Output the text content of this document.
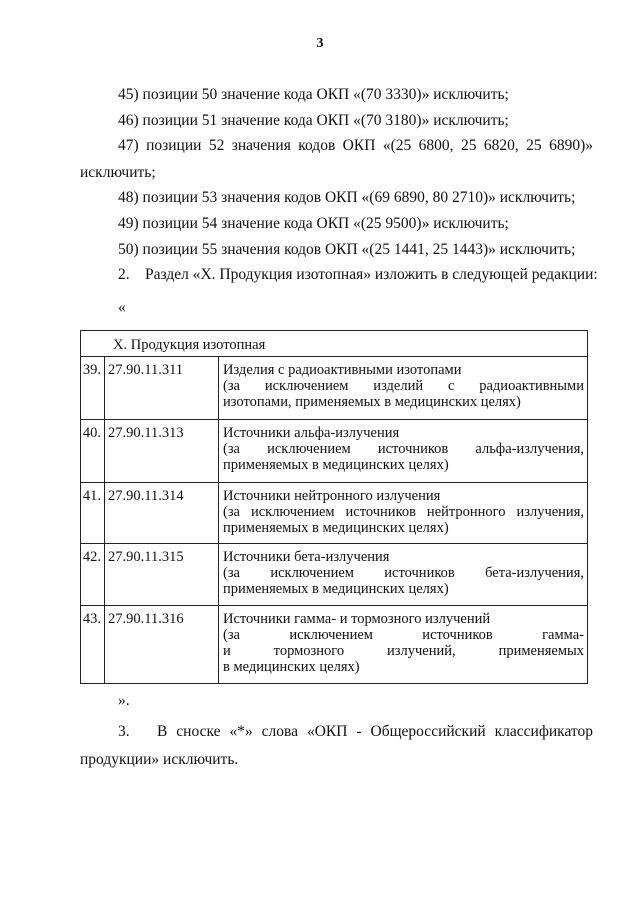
3
45) позиции 50 значение кода ОКП «(70 3330)» исключить;
46) позиции 51 значение кода ОКП «(70 3180)» исключить;
47) позиции 52 значения кодов ОКП «(25 6800, 25 6820, 25 6890)»
исключить;
48) позиции 53 значения кодов ОКП «(69 6890, 80 2710)» исключить;
49) позиции 54 значение кода ОКП «(25 9500)» исключить;
50) позиции 55 значения кодов ОКП «(25 1441, 25 1443)» исключить;
2. Раздел «X. Продукция изотопная» изложить в следующей редакции:
«
X. Продукция изотопная		
39.	27.90.11.311	Изделия с радиоактивными изотопами
(за исключением изделий с радиоактивными
изотопами, применяемых в медицинских целях)

40.	27.90.11.313	Источники альфа-излучения
(за исключением источников альфа-излучения,
применяемых в медицинских целях)

41.	27.90.11.314	Источники нейтронного излучения
(за исключением источников нейтронного излучения,
применяемых в медицинских целях)

42.	27.90.11.315	Источники бета-излучения
(за исключением источников бета-излучения,
применяемых в медицинских целях)

43.	27.90.11.316	Источники гамма- и тормозного излучений
(за исключением источников гамма-
и тормозного излучений, применяемых
в медицинских целях)
».
3. В сноске «*» слова «ОКП - Общероссийский классификатор
продукции» исключить.
